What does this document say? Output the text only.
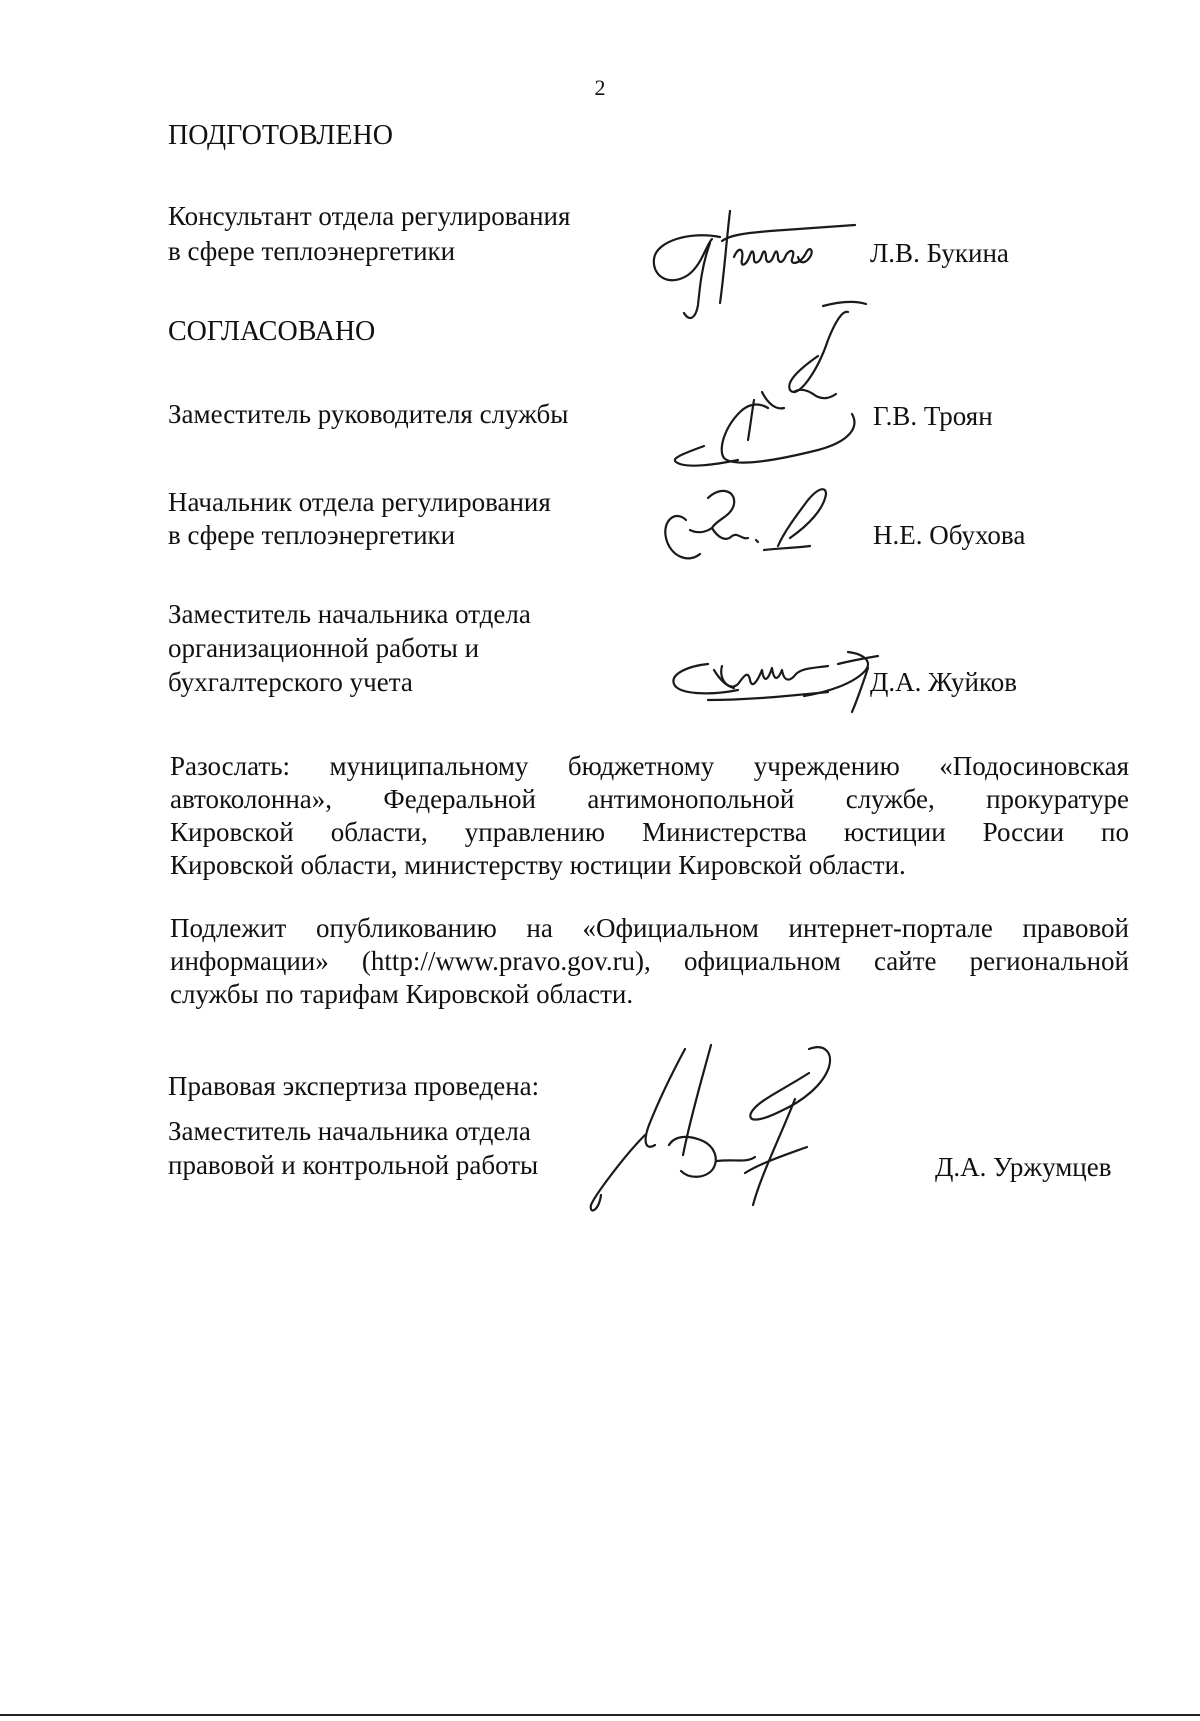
2
ПОДГОТОВЛЕНО
Консультант отдела регулирования
в сфере теплоэнергетики	Л.В. Букина
СОГЛАСОВАНО
Заместитель руководителя службы	Г.В. Троян
Начальник отдела регулирования
в сфере теплоэнергетики	Н.Е. Обухова
Заместитель начальника отдела
организационной работы и
бухгалтерского учета	Д.А. Жуйков
Разослать: муниципальному бюджетному учреждению «Подосиновская
автоколонна», Федеральной антимонопольной службе, прокуратуре
Кировской области, управлению Министерства юстиции России по
Кировской области, министерству юстиции Кировской области.
Подлежит опубликованию на «Официальном интернет-портале правовой
информации» (http://www.pravo.gov.ru), официальном сайте региональной
службы по тарифам Кировской области.
Правовая экспертиза проведена:
Заместитель начальника отдела
правовой и контрольной работы	Д.А. Уржумцев
